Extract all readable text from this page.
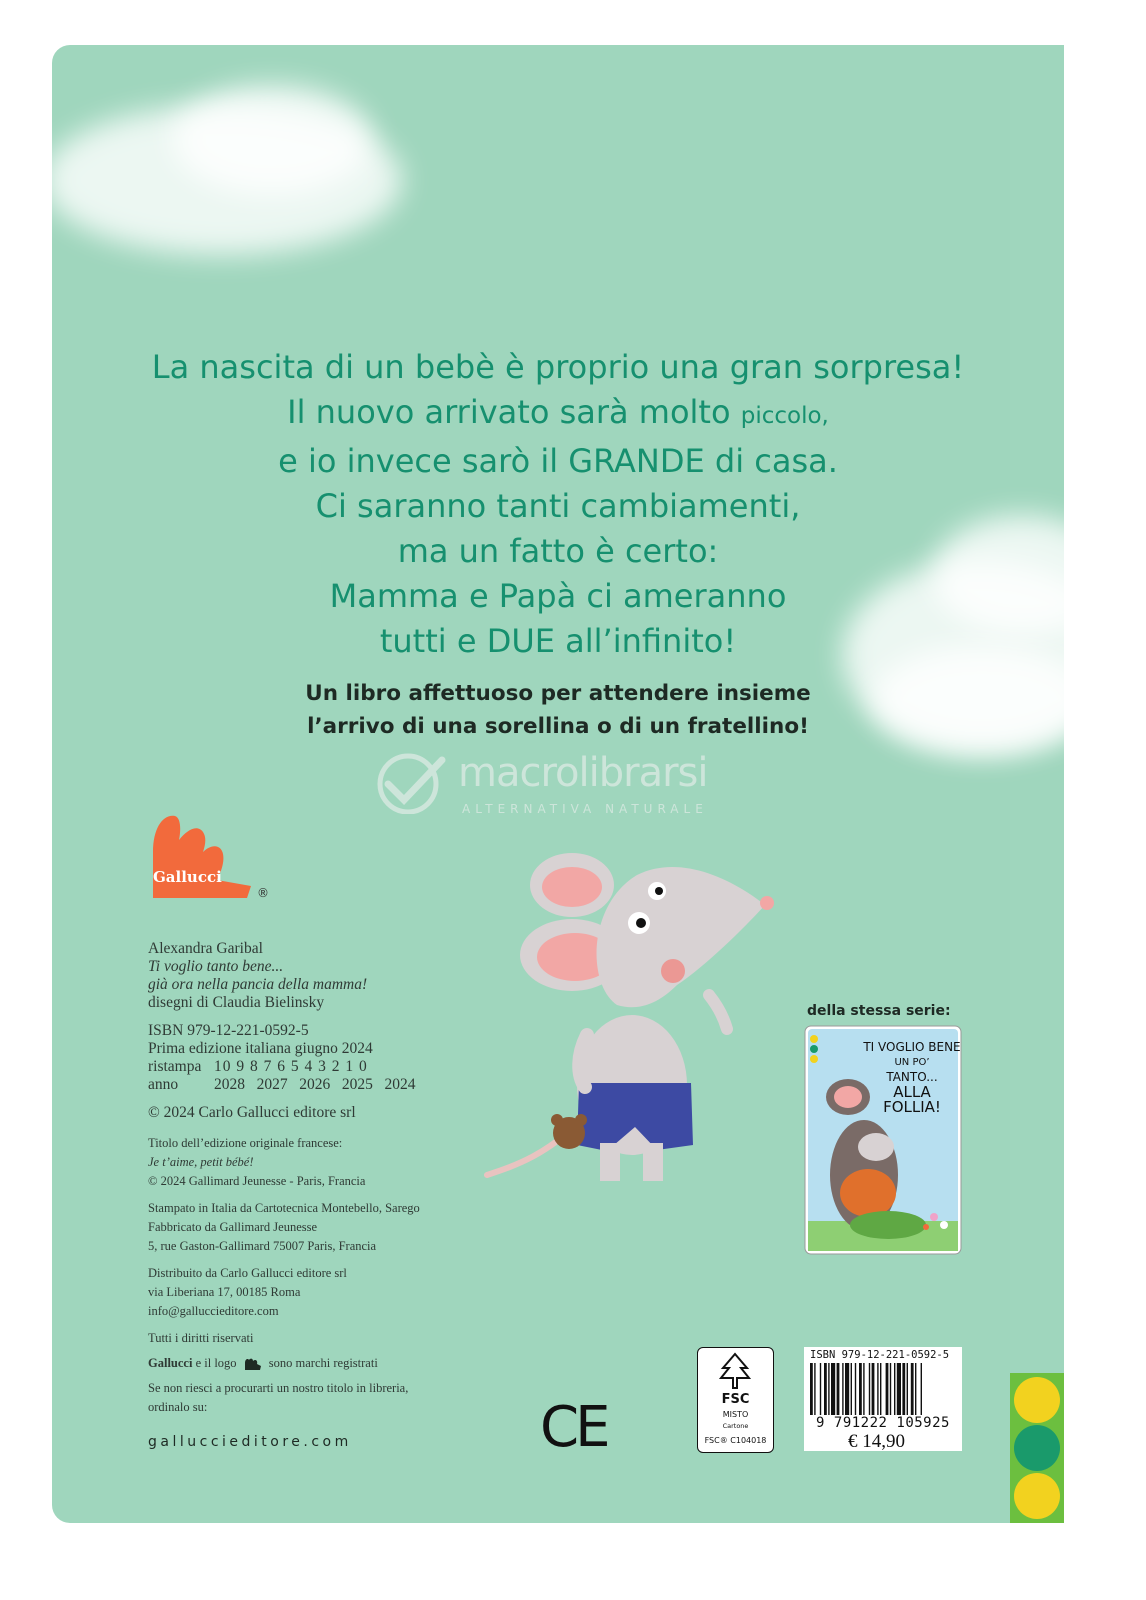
La nascita di un bebè è proprio una gran sorpresa!
Il nuovo arrivato sarà molto piccolo,
e io invece sarò il GRANDE di casa.
Ci saranno tanti cambiamenti,
ma un fatto è certo:
Mamma e Papà ci ameranno
tutti e DUE all’infinito!
Un libro affettuoso per attendere insieme
l’arrivo di una sorellina o di un fratellino!
macrolibrarsi
ALTERNATIVA NATURALE
Gallucci
®
Alexandra Garibal
Ti voglio tanto bene...
già ora nella pancia della mamma!
disegni di Claudia Bielinsky
ISBN 979-12-221-0592-5
Prima edizione italiana giugno 2024
ristampa 10 9 8 7 6 5 4 3 2 1 0
anno	2028   2027   2026   2025   2024
© 2024 Carlo Gallucci editore srl
Titolo dell’edizione originale francese:
Je t’aime, petit bébé!
© 2024 Gallimard Jeunesse - Paris, Francia
Stampato in Italia da Cartotecnica Montebello, Sarego
Fabbricato da Gallimard Jeunesse
5, rue Gaston-Gallimard 75007 Paris, Francia
Distribuito da Carlo Gallucci editore srl
via Liberiana 17, 00185 Roma
info@galluccieditore.com
Tutti i diritti riservati
Gallucci e il logo	sono marchi registrati
Se non riesci a procurarti un nostro titolo in libreria,
ordinalo su:
galluccieditore.com
della stessa serie:
TI VOGLIO BENE
UN PO’
TANTO...
ALLA
FOLLIA!
CE	FSC
MISTO
Cartone
FSC® C104018
ISBN 979-12-221-0592-5
9 791222 105925
€ 14,90
